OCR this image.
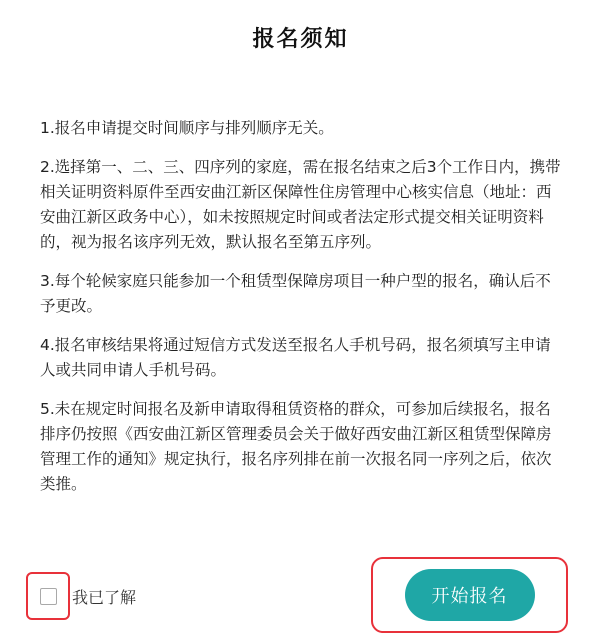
报名须知

1.报名申请提交时间顺序与排列顺序无关。

2.选择第一、二、三、四序列的家庭，需在报名结束之后3个工作日内，携带相关证明资料原件至西安曲江新区保障性住房管理中心核实信息（地址：西安曲江新区政务中心），如未按照规定时间或者法定形式提交相关证明资料的，视为报名该序列无效，默认报名至第五序列。

3.每个轮候家庭只能参加一个租赁型保障房项目一种户型的报名，确认后不予更改。

4.报名审核结果将通过短信方式发送至报名人手机号码，报名须填写主申请人或共同申请人手机号码。

5.未在规定时间报名及新申请取得租赁资格的群众，可参加后续报名，报名排序仍按照《西安曲江新区管理委员会关于做好西安曲江新区租赁型保障房管理工作的通知》规定执行，报名序列排在前一次报名同一序列之后，依次类推。

我已了解	开始报名
